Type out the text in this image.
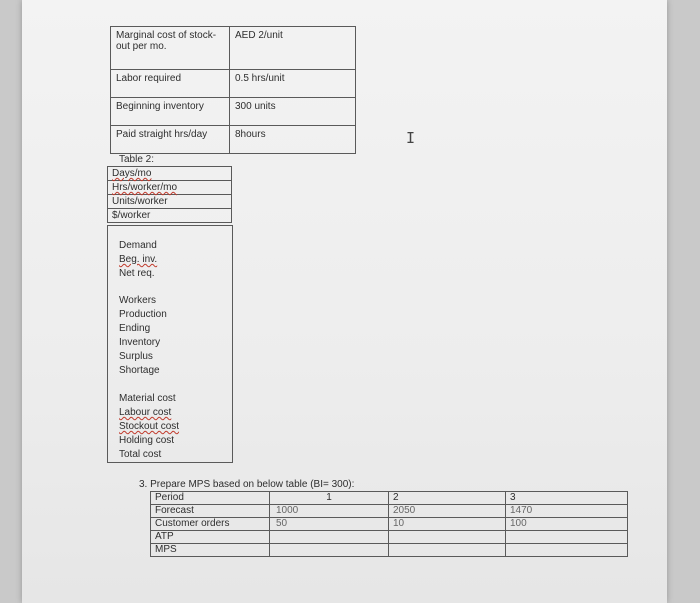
Marginal cost of stock-out per mo.	AED 2/unit
Labor required	0.5 hrs/unit
Beginning inventory	300 units
Paid straight hrs/day	8hours	I
Table 2:
Days/mo
Hrs/worker/mo
Units/worker
$/worker
Demand
Beg. inv.
Net req.
Workers
Production
Ending
Inventory
Surplus
Shortage
Material cost
Labour cost
Stockout cost
Holding cost
Total cost
3. Prepare MPS based on below table (BI= 300):
Period	1	2	3
Forecast	1000	2050	1470
Customer orders	50	10	100
ATP			
MPS			
